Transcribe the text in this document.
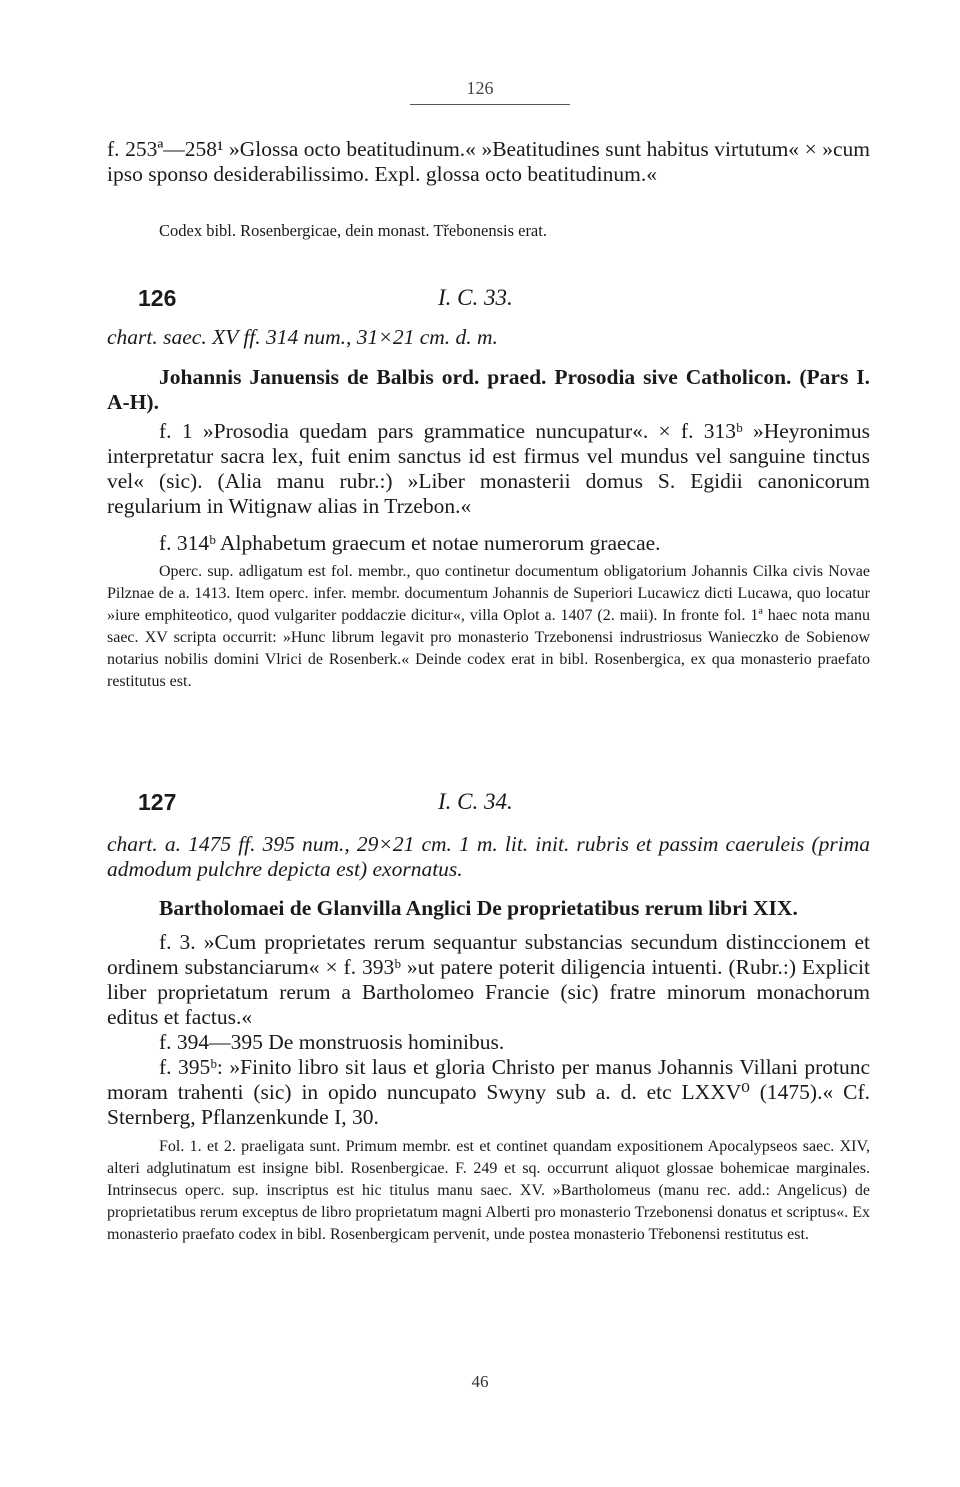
126

f. 253ª—258¹ »Glossa octo beatitudinum.« »Beatitudines sunt habitus virtutum« × »cum ipso sponso desiderabilissimo. Expl. glossa octo beatitudinum.«

Codex bibl. Rosenbergicae, dein monast. Třebonensis erat.

126	I. C. 33.

chart. saec. XV ff. 314 num., 31×21 cm. d. m.

Johannis Januensis de Balbis ord. praed. Prosodia sive Catholicon. (Pars I. A-H).

f. 1 »Prosodia quedam pars grammatice nuncupatur«. × f. 313ᵇ »Heyronimus interpretatur sacra lex, fuit enim sanctus id est firmus vel mundus vel sanguine tinctus vel« (sic). (Alia manu rubr.:) »Liber monasterii domus S. Egidii canonicorum regularium in Witignaw alias in Trzebon.«

f. 314ᵇ Alphabetum graecum et notae numerorum graecae.

Operc. sup. adligatum est fol. membr., quo continetur documentum obligatorium Johannis Cilka civis Novae Pilznae de a. 1413. Item operc. infer. membr. documentum Johannis de Superiori Lucawicz dicti Lucawa, quo locatur »iure emphiteotico, quod vulgariter poddaczie dicitur«, villa Oplot a. 1407 (2. maii). In fronte fol. 1ª haec nota manu saec. XV scripta occurrit: »Hunc librum legavit pro monasterio Trzebonensi indrustriosus Wanieczko de Sobienow notarius nobilis domini Vlrici de Rosenberk.« Deinde codex erat in bibl. Rosenbergica, ex qua monasterio praefato restitutus est.

127	I. C. 34.

chart. a. 1475 ff. 395 num., 29×21 cm. 1 m. lit. init. rubris et passim caeruleis (prima admodum pulchre depicta est) exornatus.

Bartholomaei de Glanvilla Anglici De proprietatibus rerum libri XIX.

f. 3. »Cum proprietates rerum sequantur substancias secundum distinccionem et ordinem substanciarum« × f. 393ᵇ »ut patere poterit diligencia intuenti. (Rubr.:) Explicit liber proprietatum rerum a Bartholomeo Francie (sic) fratre minorum monachorum editus et factus.«

f. 394—395 De monstruosis hominibus.

f. 395ᵇ: »Finito libro sit laus et gloria Christo per manus Johannis Villani protunc moram trahenti (sic) in opido nuncupato Swyny sub a. d. etc LXXV⁰ (1475).« Cf. Sternberg, Pflanzenkunde I, 30.

Fol. 1. et 2. praeligata sunt. Primum membr. est et continet quandam expositionem Apocalypseos saec. XIV, alteri adglutinatum est insigne bibl. Rosenbergicae. F. 249 et sq. occurrunt aliquot glossae bohemicae marginales. Intrinsecus operc. sup. inscriptus est hic titulus manu saec. XV. »Bartholomeus (manu rec. add.: Angelicus) de proprietatibus rerum exceptus de libro proprietatum magni Alberti pro monasterio Trzebonensi donatus et scriptus«. Ex monasterio praefato codex in bibl. Rosenbergicam pervenit, unde postea monasterio Třebonensi restitutus est.

46
